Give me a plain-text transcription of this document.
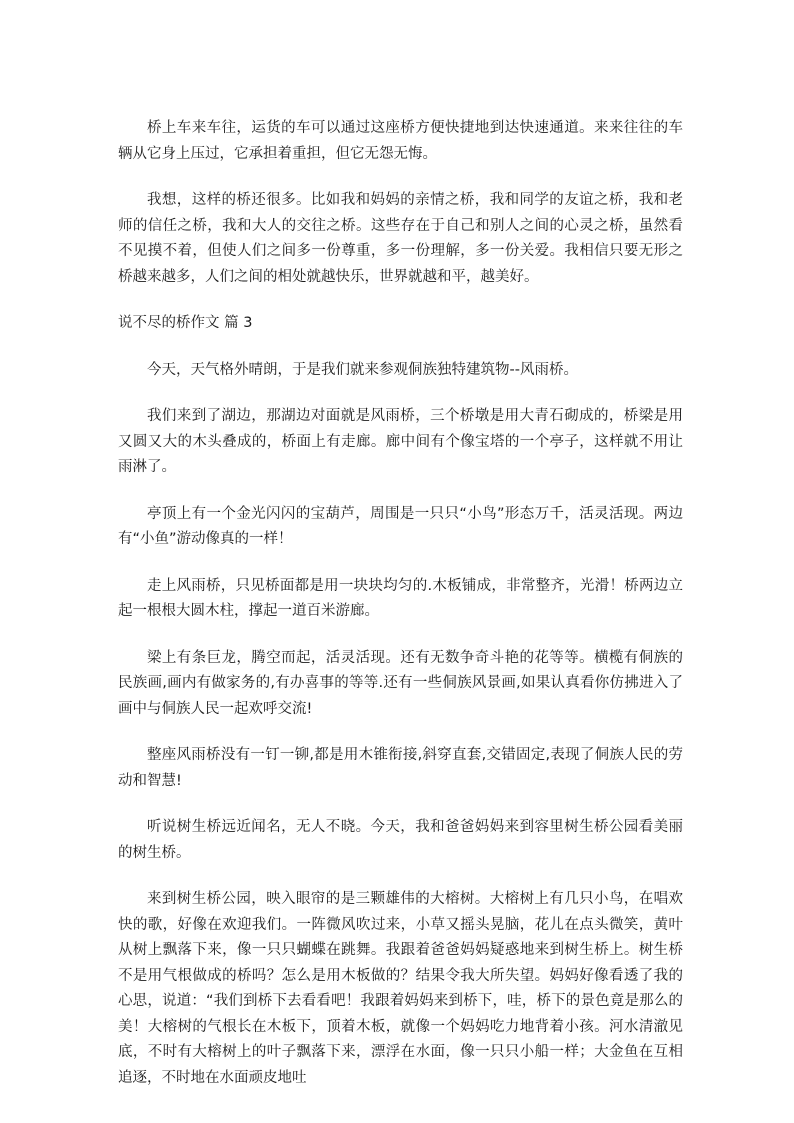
桥上车来车往，运货的车可以通过这座桥方便快捷地到达快速通道。来来往往的车辆从它身上压过，它承担着重担，但它无怨无悔。

我想，这样的桥还很多。比如我和妈妈的亲情之桥，我和同学的友谊之桥，我和老师的信任之桥，我和大人的交往之桥。这些存在于自己和别人之间的心灵之桥，虽然看不见摸不着，但使人们之间多一份尊重，多一份理解，多一份关爱。我相信只要无形之桥越来越多，人们之间的相处就越快乐，世界就越和平，越美好。

说不尽的桥作文 篇 3

今天，天气格外晴朗，于是我们就来参观侗族独特建筑物--风雨桥。

我们来到了湖边，那湖边对面就是风雨桥，三个桥墩是用大青石砌成的，桥梁是用又圆又大的木头叠成的，桥面上有走廊。廊中间有个像宝塔的一个亭子，这样就不用让雨淋了。

亭顶上有一个金光闪闪的宝葫芦，周围是一只只“小鸟”形态万千，活灵活现。两边有“小鱼”游动像真的一样！

走上风雨桥，只见桥面都是用一块块均匀的.木板铺成，非常整齐，光滑！桥两边立起一根根大圆木柱，撑起一道百米游廊。

梁上有条巨龙，腾空而起，活灵活现。还有无数争奇斗艳的花等等。横榄有侗族的民族画,画内有做家务的,有办喜事的等等.还有一些侗族风景画,如果认真看你仿拂进入了画中与侗族人民一起欢呼交流!

整座风雨桥没有一钉一铆,都是用木锥衔接,斜穿直套,交错固定,表现了侗族人民的劳动和智慧!

听说树生桥远近闻名，无人不晓。今天，我和爸爸妈妈来到容里树生桥公园看美丽的树生桥。

来到树生桥公园，映入眼帘的是三颗雄伟的大榕树。大榕树上有几只小鸟，在唱欢快的歌，好像在欢迎我们。一阵微风吹过来，小草又摇头晃脑，花儿在点头微笑，黄叶从树上飘落下来，像一只只蝴蝶在跳舞。我跟着爸爸妈妈疑惑地来到树生桥上。树生桥不是用气根做成的桥吗？怎么是用木板做的？结果令我大所失望。妈妈好像看透了我的心思，说道：“我们到桥下去看看吧！我跟着妈妈来到桥下，哇，桥下的景色竟是那么的美！大榕树的气根长在木板下，顶着木板，就像一个妈妈吃力地背着小孩。河水清澈见底，不时有大榕树上的叶子飘落下来，漂浮在水面，像一只只小船一样；大金鱼在互相追逐，不时地在水面顽皮地吐
